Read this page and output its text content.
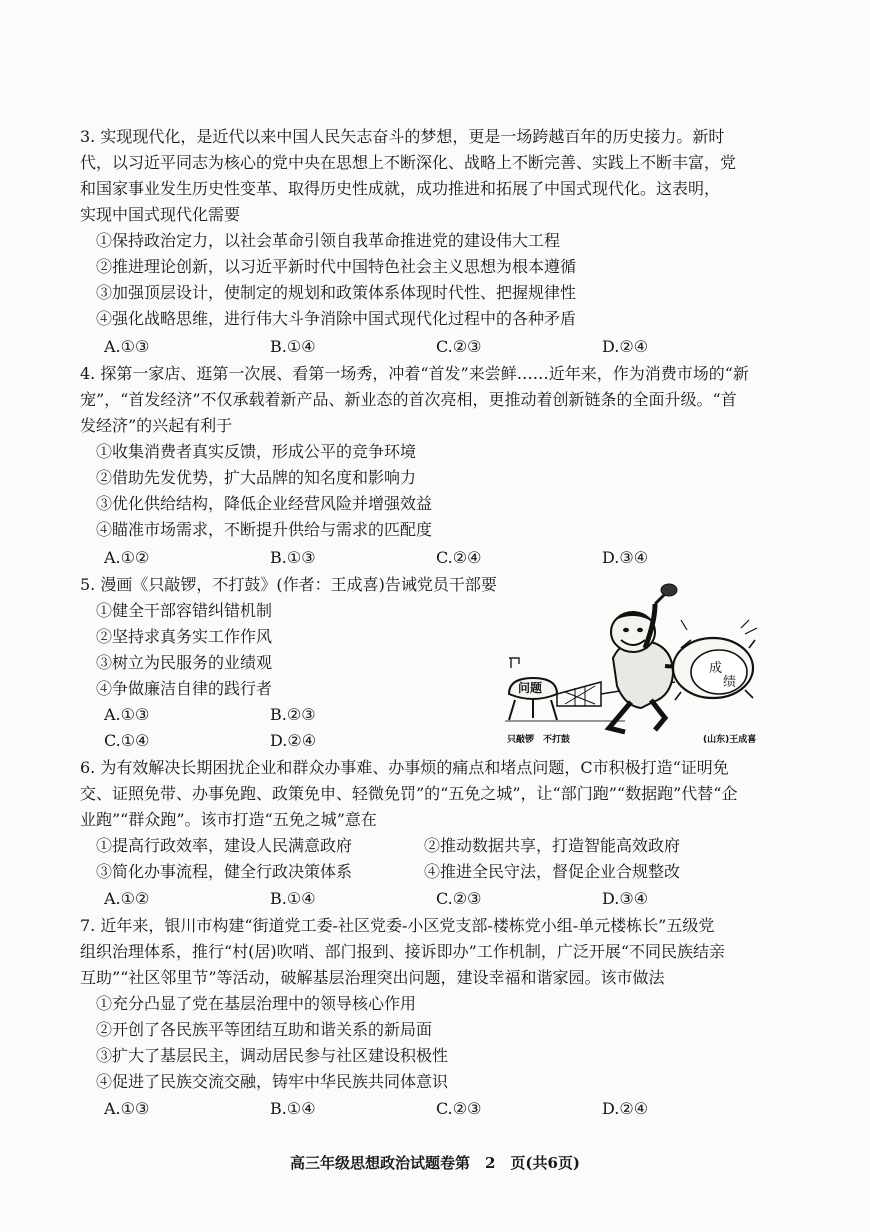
3. 实现现代化，是近代以来中国人民矢志奋斗的梦想，更是一场跨越百年的历史接力。新时
代，以习近平同志为核心的党中央在思想上不断深化、战略上不断完善、实践上不断丰富，党
和国家事业发生历史性变革、取得历史性成就，成功推进和拓展了中国式现代化。这表明，
实现中国式现代化需要
①保持政治定力，以社会革命引领自我革命推进党的建设伟大工程
②推进理论创新，以习近平新时代中国特色社会主义思想为根本遵循
③加强顶层设计，使制定的规划和政策体系体现时代性、把握规律性
④强化战略思维，进行伟大斗争消除中国式现代化过程中的各种矛盾
A.①③	B.①④	C.②③	D.②④
4. 探第一家店、逛第一次展、看第一场秀，冲着“首发”来尝鲜……近年来，作为消费市场的“新
宠”，“首发经济”不仅承载着新产品、新业态的首次亮相，更推动着创新链条的全面升级。“首
发经济”的兴起有利于
①收集消费者真实反馈，形成公平的竞争环境
②借助先发优势，扩大品牌的知名度和影响力
③优化供给结构，降低企业经营风险并增强效益
④瞄准市场需求，不断提升供给与需求的匹配度
A.①②	B.①③	C.②④	D.③④
5. 漫画《只敲锣，不打鼓》(作者：王成喜)告诫党员干部要
①健全干部容错纠错机制
②坚持求真务实工作作风
③树立为民服务的业绩观
④争做廉洁自律的践行者
A.①③	B.②③
C.①④	D.②④
问题
成
绩
只敲锣　不打鼓	(山东)王成喜
6. 为有效解决长期困扰企业和群众办事难、办事烦的痛点和堵点问题，C市积极打造“证明免
交、证照免带、办事免跑、政策免申、轻微免罚”的“五免之城”，让“部门跑”“数据跑”代替“企
业跑”“群众跑”。该市打造“五免之城”意在
①提高行政效率，建设人民满意政府	②推动数据共享，打造智能高效政府
③简化办事流程，健全行政决策体系	④推进全民守法，督促企业合规整改
A.①②	B.①④	C.②③	D.③④
7. 近年来，银川市构建“街道党工委-社区党委-小区党支部-楼栋党小组-单元楼栋长”五级党
组织治理体系，推行“村(居)吹哨、部门报到、接诉即办”工作机制，广泛开展“不同民族结亲
互助”“社区邻里节”等活动，破解基层治理突出问题，建设幸福和谐家园。该市做法
①充分凸显了党在基层治理中的领导核心作用
②开创了各民族平等团结互助和谐关系的新局面
③扩大了基层民主，调动居民参与社区建设积极性
④促进了民族交流交融，铸牢中华民族共同体意识
A.①③	B.①④	C.②③	D.②④
高三年级思想政治试题卷第　2　页(共6页)
